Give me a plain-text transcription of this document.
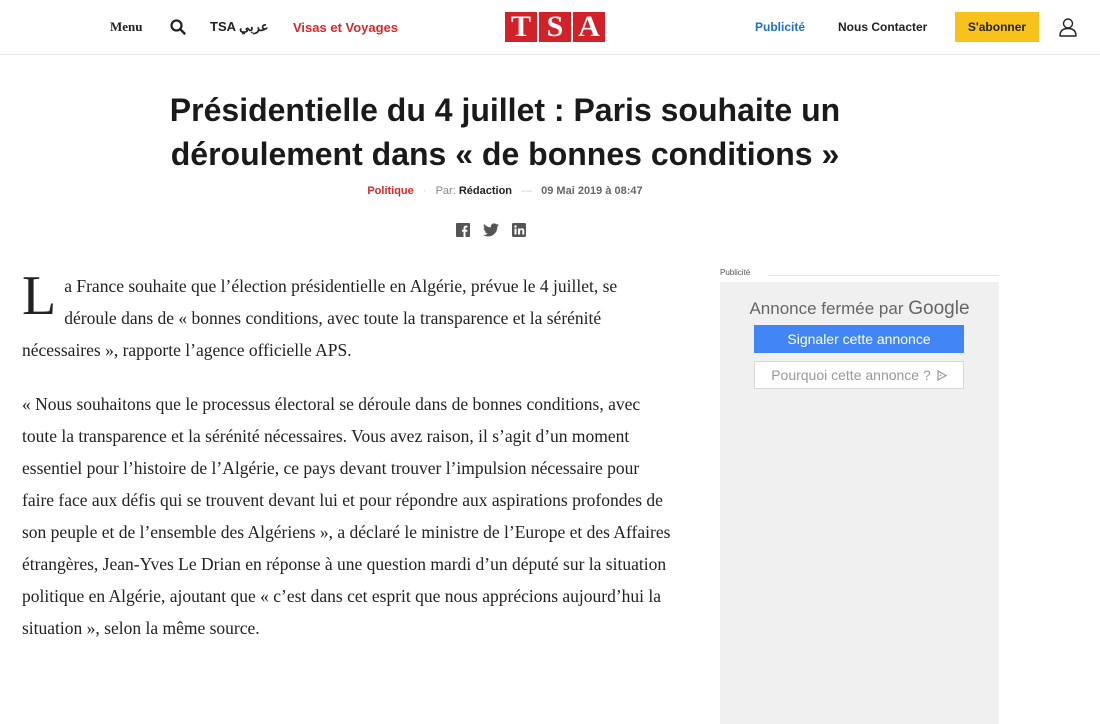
Menu	TSA عربي Visas et Voyages	T S A	Publicité	Nous Contacter	S'abonner
Présidentielle du 4 juillet : Paris souhaite un déroulement dans « de bonnes conditions »
Politique · Par: Rédaction — 09 Mai 2019 à 08:47

La France souhaite que l’élection présidentielle en Algérie, prévue le 4 juillet, se déroule dans de « bonnes conditions, avec toute la transparence et la sérénité nécessaires », rapporte l’agence officielle APS.

« Nous souhaitons que le processus électoral se déroule dans de bonnes conditions, avec toute la transparence et la sérénité nécessaires. Vous avez raison, il s’agit d’un moment essentiel pour l’histoire de l’Algérie, ce pays devant trouver l’impulsion nécessaire pour faire face aux défis qui se trouvent devant lui et pour répondre aux aspirations profondes de son peuple et de l’ensemble des Algériens », a déclaré le ministre de l’Europe et des Affaires étrangères, Jean-Yves Le Drian en réponse à une question mardi d’un député sur la situation politique en Algérie, ajoutant que « c’est dans cet esprit que nous apprécions aujourd’hui la situation », selon la même source.

Publicité
Annonce fermée par Google
Signaler cette annonce
Pourquoi cette annonce ?
